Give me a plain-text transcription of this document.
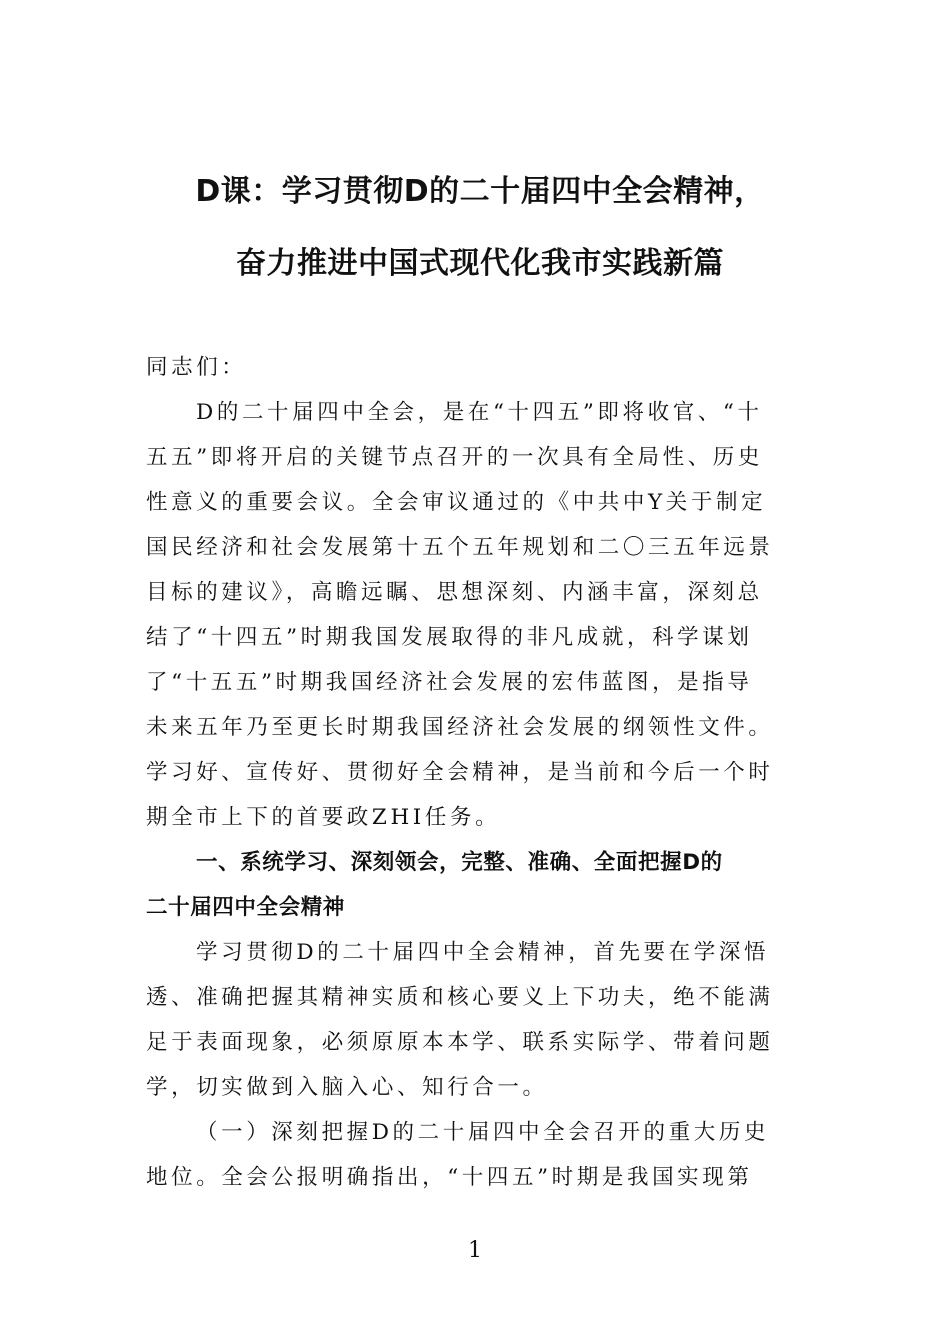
D课：学习贯彻D的二十届四中全会精神，
奋力推进中国式现代化我市实践新篇
同志们：
D的二十届四中全会，是在“十四五”即将收官、“十
五五”即将开启的关键节点召开的一次具有全局性、历史
性意义的重要会议。全会审议通过的《中共中Y关于制定
国民经济和社会发展第十五个五年规划和二〇三五年远景
目标的建议》，高瞻远瞩、思想深刻、内涵丰富，深刻总
结了“十四五”时期我国发展取得的非凡成就，科学谋划
了“十五五”时期我国经济社会发展的宏伟蓝图，是指导
未来五年乃至更长时期我国经济社会发展的纲领性文件。
学习好、宣传好、贯彻好全会精神，是当前和今后一个时
期全市上下的首要政ZHI任务。
一、系统学习、深刻领会，完整、准确、全面把握D的
二十届四中全会精神
学习贯彻D的二十届四中全会精神，首先要在学深悟
透、准确把握其精神实质和核心要义上下功夫，绝不能满
足于表面现象，必须原原本本学、联系实际学、带着问题
学，切实做到入脑入心、知行合一。
（一）深刻把握D的二十届四中全会召开的重大历史
地位。全会公报明确指出，“十四五”时期是我国实现第
1
